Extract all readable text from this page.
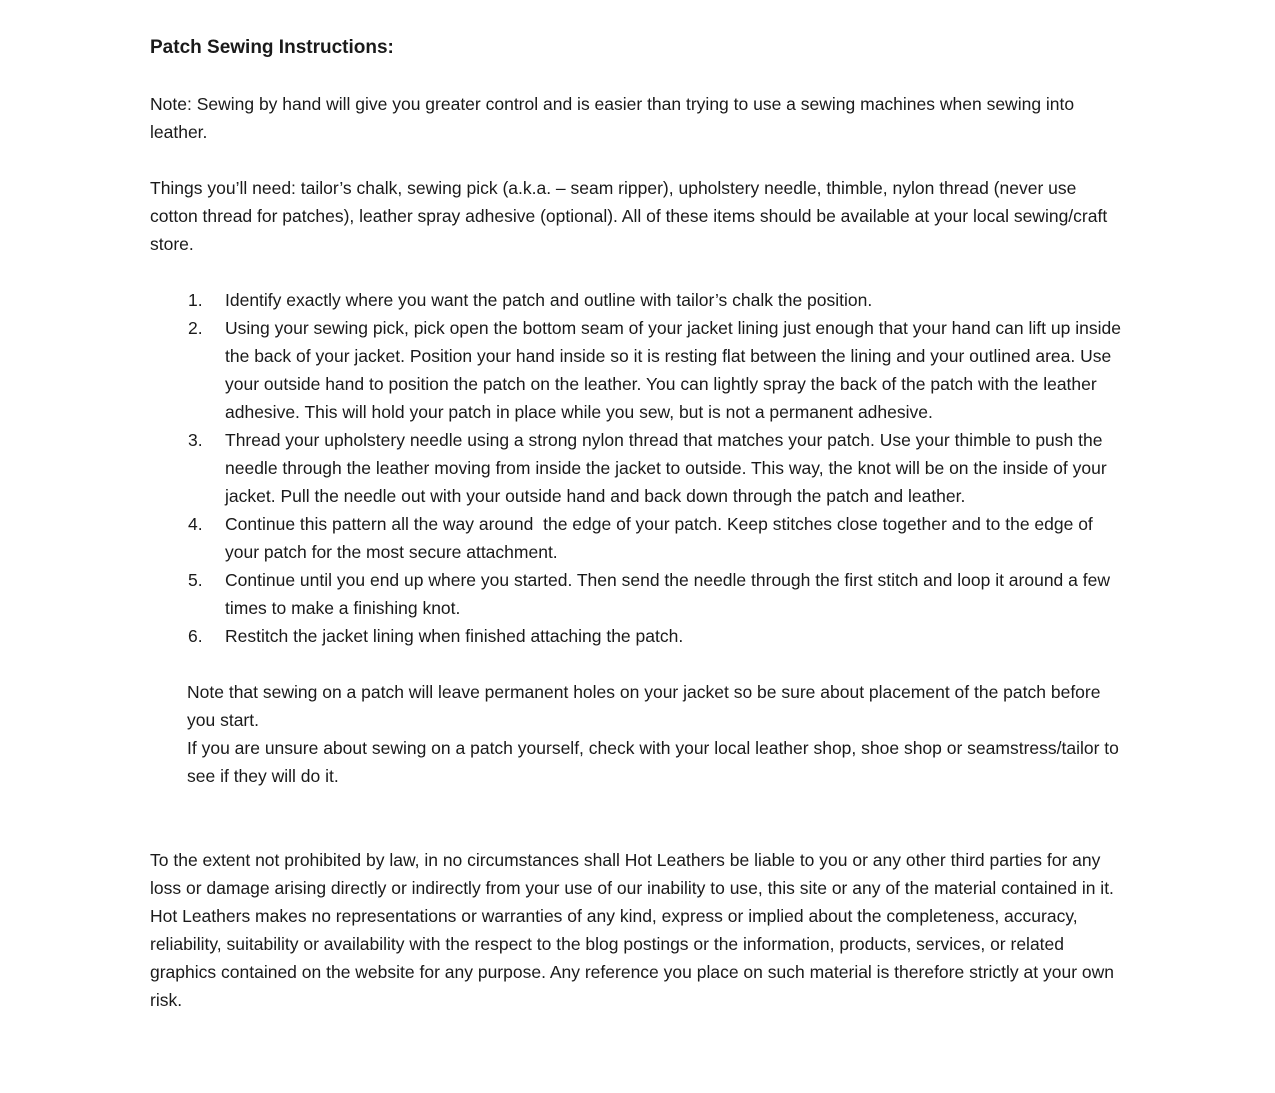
Patch Sewing Instructions:

Note: Sewing by hand will give you greater control and is easier than trying to use a sewing machines when sewing into leather.

Things you’ll need: tailor’s chalk, sewing pick (a.k.a. – seam ripper), upholstery needle, thimble, nylon thread (never use cotton thread for patches), leather spray adhesive (optional). All of these items should be available at your local sewing/craft store.

Identify exactly where you want the patch and outline with tailor’s chalk the position.
Using your sewing pick, pick open the bottom seam of your jacket lining just enough that your hand can lift up inside the back of your jacket. Position your hand inside so it is resting flat between the lining and your outlined area. Use your outside hand to position the patch on the leather. You can lightly spray the back of the patch with the leather adhesive. This will hold your patch in place while you sew, but is not a permanent adhesive.
Thread your upholstery needle using a strong nylon thread that matches your patch. Use your thimble to push the needle through the leather moving from inside the jacket to outside. This way, the knot will be on the inside of your jacket. Pull the needle out with your outside hand and back down through the patch and leather.
Continue this pattern all the way around  the edge of your patch. Keep stitches close together and to the edge of your patch for the most secure attachment.
Continue until you end up where you started. Then send the needle through the first stitch and loop it around a few times to make a finishing knot.
Restitch the jacket lining when finished attaching the patch.

Note that sewing on a patch will leave permanent holes on your jacket so be sure about placement of the patch before you start.

If you are unsure about sewing on a patch yourself, check with your local leather shop, shoe shop or seamstress/tailor to see if they will do it.

To the extent not prohibited by law, in no circumstances shall Hot Leathers be liable to you or any other third parties for any loss or damage arising directly or indirectly from your use of our inability to use, this site or any of the material contained in it. Hot Leathers makes no representations or warranties of any kind, express or implied about the completeness, accuracy, reliability, suitability or availability with the respect to the blog postings or the information, products, services, or related graphics contained on the website for any purpose. Any reference you place on such material is therefore strictly at your own risk.
